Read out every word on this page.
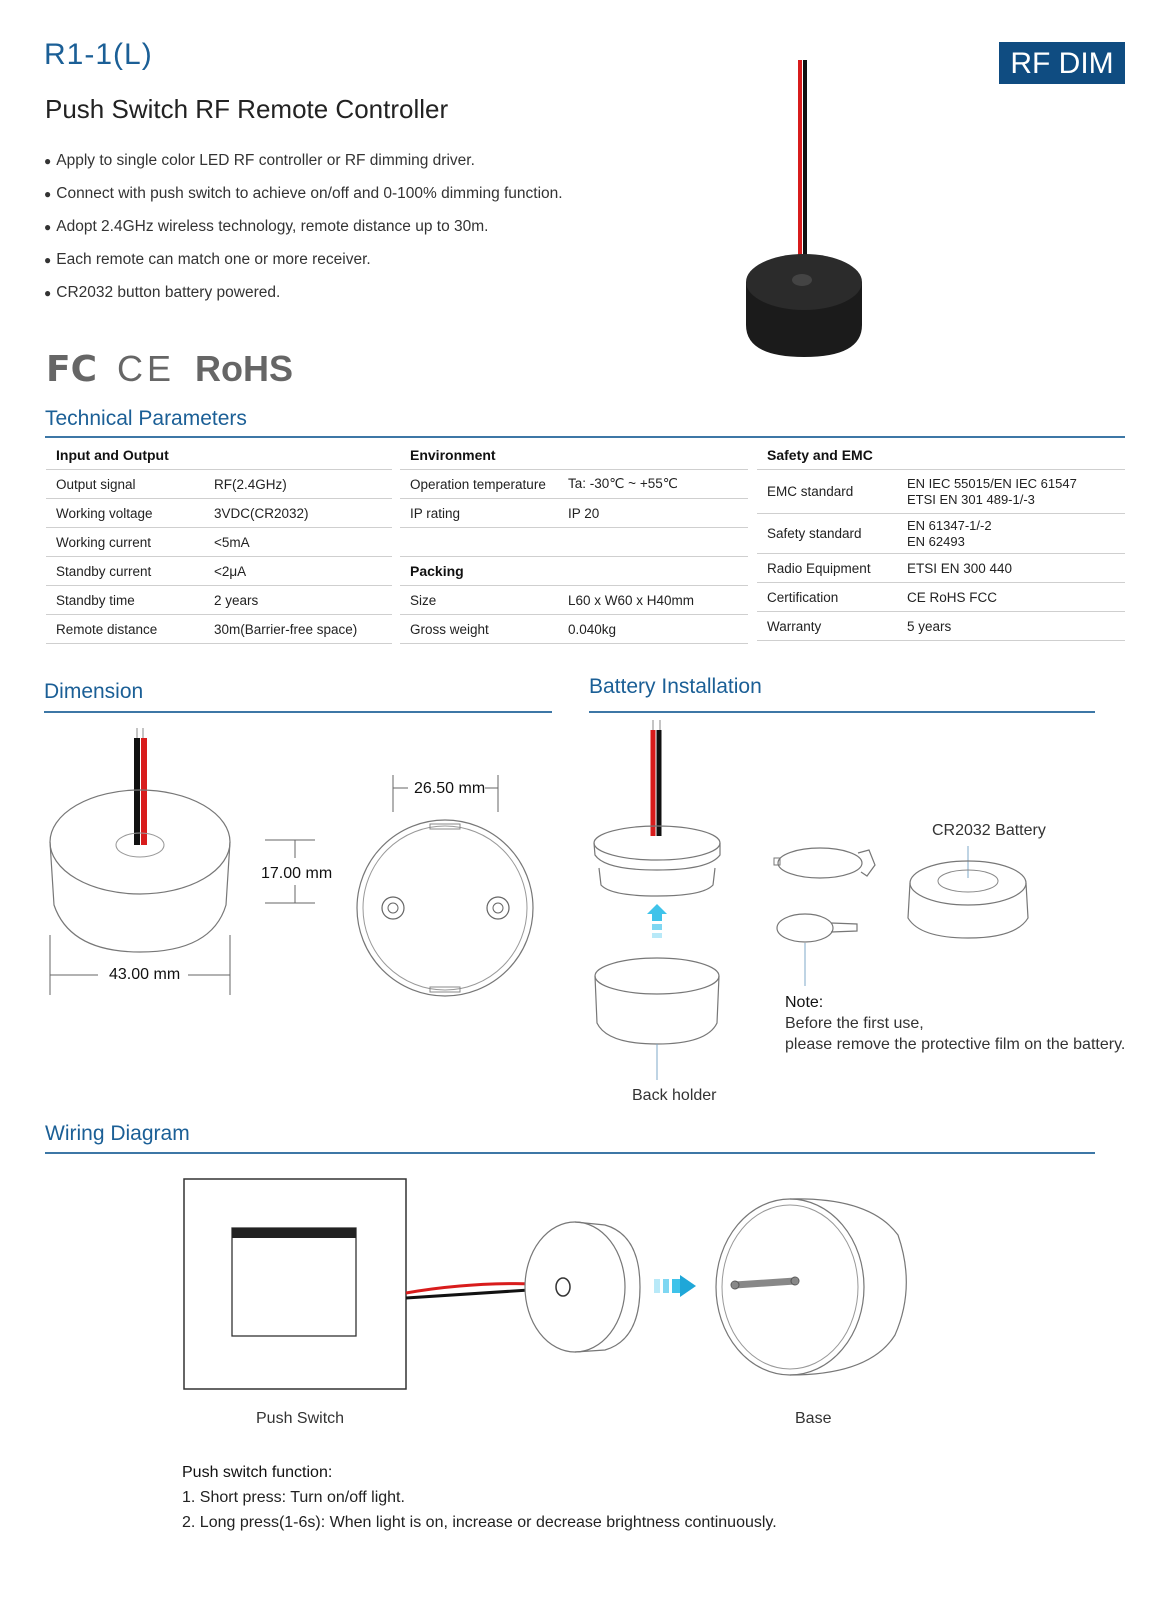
R1-1(L)	RF DIM
Push Switch RF Remote Controller
● Apply to single color LED RF controller or RF dimming driver.
● Connect with push switch to achieve on/off and 0-100% dimming function.
● Adopt 2.4GHz wireless technology, remote distance up to 30m.
● Each remote can match one or more receiver.
● CR2032 button battery powered.
FC CE RoHS
Technical Parameters
Input and Output	
Output signal	RF(2.4GHz)
Working voltage	3VDC(CR2032)
Working current	<5mA
Standby current	<2μA
Standby time	2 years
Remote distance	30m(Barrier-free space)
Environment	
Operation temperature	Ta: -30℃ ~ +55℃
IP rating	IP 20

Packing	
Size	L60 x W60 x H40mm
Gross weight	0.040kg
Safety and EMC	
EMC standard	EN IEC 55015/EN IEC 61547
ETSI EN 301 489-1/-3

Safety standard	EN 61347-1/-2
EN 62493

Radio Equipment	ETSI EN 300 440
Certification	CE RoHS FCC
Warranty	5 years
Dimension
17.00 mm
43.00 mm
26.50 mm
Battery Installation
CR2032 Battery
Back holder
Note:
Before the first use,
please remove the protective film on the battery.
Wiring Diagram
Push Switch	Base
Push switch function:
1. Short press: Turn on/off light.
2. Long press(1-6s): When light is on, increase or decrease brightness continuously.
